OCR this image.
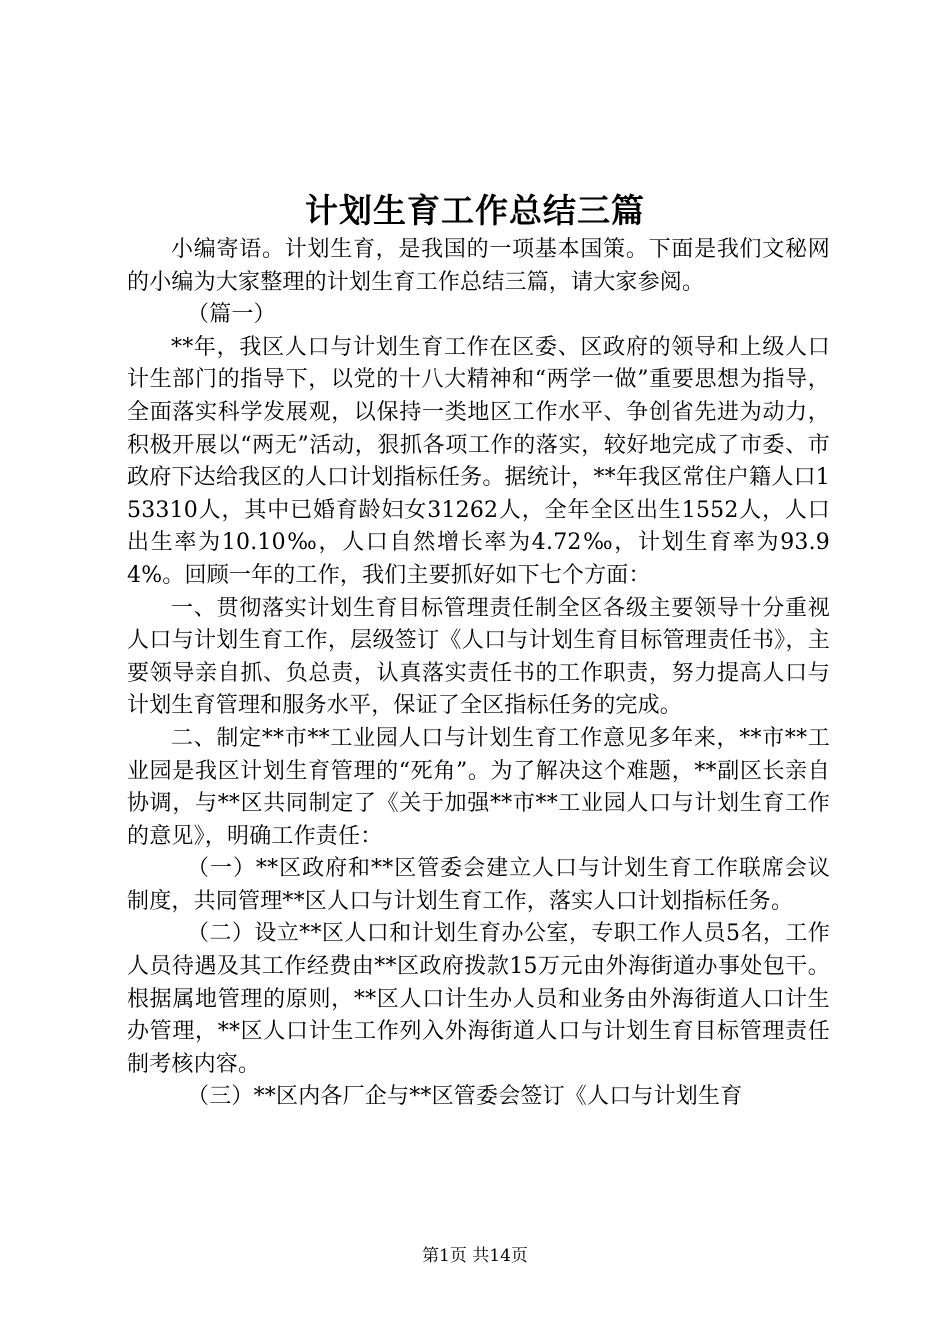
计划生育工作总结三篇

小编寄语。计划生育，是我国的一项基本国策。下面是我们文秘网的小编为大家整理的计划生育工作总结三篇，请大家参阅。

（篇一）

**年，我区人口与计划生育工作在区委、区政府的领导和上级人口计生部门的指导下，以党的十八大精神和“两学一做”重要思想为指导，全面落实科学发展观，以保持一类地区工作水平、争创省先进为动力，积极开展以“两无”活动，狠抓各项工作的落实，较好地完成了市委、市政府下达给我区的人口计划指标任务。据统计，**年我区常住户籍人口153310人，其中已婚育龄妇女31262人，全年全区出生1552人，人口出生率为10.10‰，人口自然增长率为4.72‰，计划生育率为93.94%。回顾一年的工作，我们主要抓好如下七个方面：

一、贯彻落实计划生育目标管理责任制全区各级主要领导十分重视人口与计划生育工作，层级签订《人口与计划生育目标管理责任书》，主要领导亲自抓、负总责，认真落实责任书的工作职责，努力提高人口与计划生育管理和服务水平，保证了全区指标任务的完成。

二、制定**市**工业园人口与计划生育工作意见多年来，**市**工业园是我区计划生育管理的“死角”。为了解决这个难题，**副区长亲自协调，与**区共同制定了《关于加强**市**工业园人口与计划生育工作的意见》，明确工作责任：

（一）**区政府和**区管委会建立人口与计划生育工作联席会议制度，共同管理**区人口与计划生育工作，落实人口计划指标任务。

（二）设立**区人口和计划生育办公室，专职工作人员5名，工作人员待遇及其工作经费由**区政府拨款15万元由外海街道办事处包干。根据属地管理的原则，**区人口计生办人员和业务由外海街道人口计生办管理，**区人口计生工作列入外海街道人口与计划生育目标管理责任制考核内容。

（三）**区内各厂企与**区管委会签订《人口与计划生育

第1页 共14页
